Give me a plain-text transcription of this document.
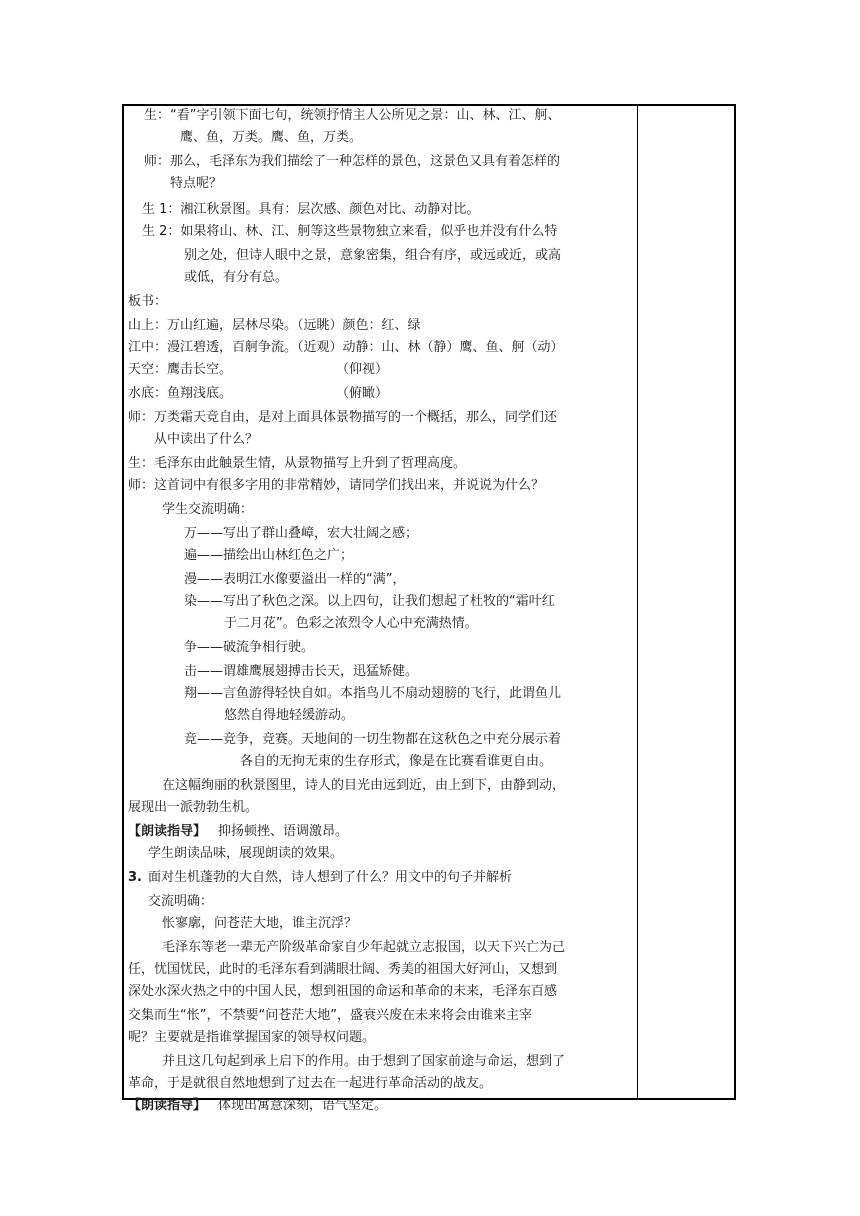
生：“看”字引领下面七句，统领抒情主人公所见之景：山、林、江、舸、
鹰、鱼，万类。鹰、鱼，万类。
师：那么，毛泽东为我们描绘了一种怎样的景色，这景色又具有着怎样的
特点呢？
生 1：湘江秋景图。具有：层次感、颜色对比、动静对比。
生 2：如果将山、林、江、舸等这些景物独立来看，似乎也并没有什么特
别之处，但诗人眼中之景，意象密集，组合有序，或远或近，或高
或低，有分有总。
板书：
山上：万山红遍，层林尽染。（远眺）颜色：红、绿
江中：漫江碧透，百舸争流。（近观）动静：山、林（静）鹰、鱼、舸（动）
天空：鹰击长空。	（仰视）
水底：鱼翔浅底。	（俯瞰）
师：万类霜天竞自由，是对上面具体景物描写的一个概括，那么，同学们还
从中读出了什么？
生：毛泽东由此触景生情，从景物描写上升到了哲理高度。
师：这首词中有很多字用的非常精妙，请同学们找出来，并说说为什么？
学生交流明确：
万——写出了群山叠嶂，宏大壮阔之感；
遍——描绘出山林红色之广；
漫——表明江水像要溢出一样的“满”，
染——写出了秋色之深。以上四句，让我们想起了杜牧的“霜叶红
于二月花”。色彩之浓烈令人心中充满热情。
争——破流争相行驶。
击——谓雄鹰展翅搏击长天，迅猛矫健。
翔——言鱼游得轻快自如。本指鸟儿不扇动翅膀的飞行，此谓鱼儿
悠然自得地轻缓游动。
竞——竞争，竞赛。天地间的一切生物都在这秋色之中充分展示着
各自的无拘无束的生存形式，像是在比赛看谁更自由。
在这幅绚丽的秋景图里，诗人的目光由远到近，由上到下，由静到动，
展现出一派勃勃生机。
【朗读指导】 抑扬顿挫、语调激昂。
学生朗读品味，展现朗读的效果。
3. 面对生机蓬勃的大自然，诗人想到了什么？用文中的句子并解析
交流明确：
怅寥廓，问苍茫大地，谁主沉浮？
毛泽东等老一辈无产阶级革命家自少年起就立志报国，以天下兴亡为己
任，忧国忧民，此时的毛泽东看到满眼壮阔、秀美的祖国大好河山，又想到
深处水深火热之中的中国人民，想到祖国的命运和革命的未来，毛泽东百感
交集而生“怅”，不禁要“问苍茫大地”，盛衰兴废在未来将会由谁来主宰
呢？主要就是指谁掌握国家的领导权问题。
并且这几句起到承上启下的作用。由于想到了国家前途与命运，想到了
革命，于是就很自然地想到了过去在一起进行革命活动的战友。
【朗读指导】 体现出寓意深刻，语气坚定。
